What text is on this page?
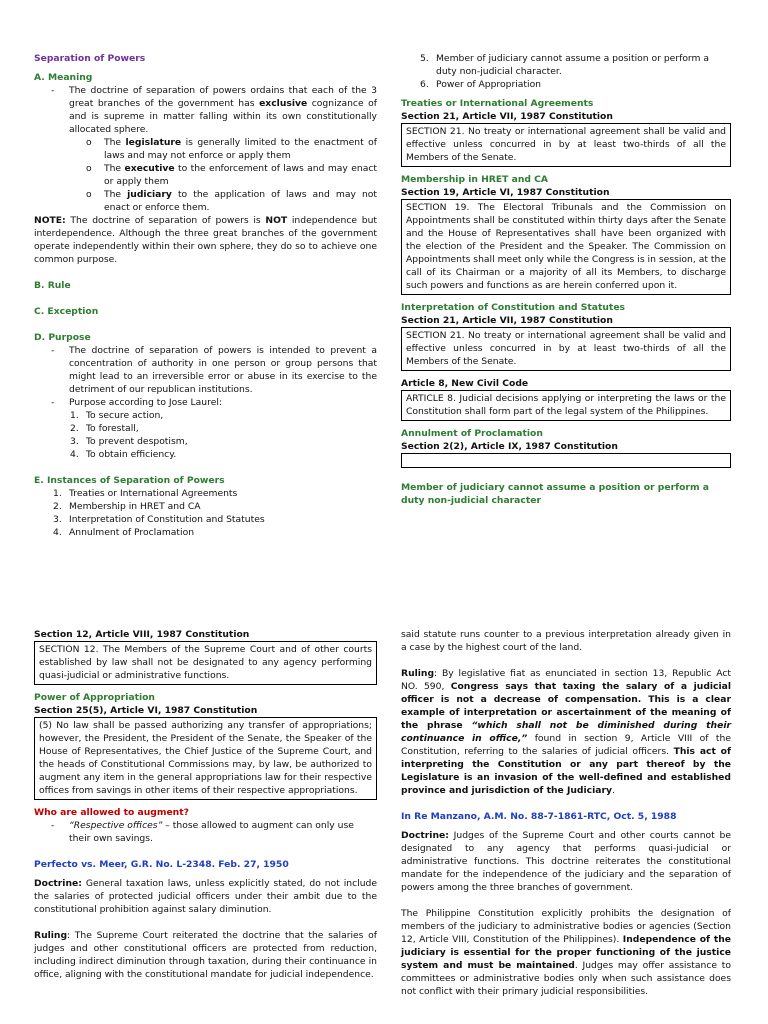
Separation of Powers

A. Meaning

- The doctrine of separation of powers ordains that each of the 3 great branches of the government has exclusive cognizance of and is supreme in matter falling within its own constitutionally allocated sphere.
o The legislature is generally limited to the enactment of laws and may not enforce or apply them
o The executive to the enforcement of laws and may enact or apply them
o The judiciary to the application of laws and may not enact or enforce them.

NOTE: The doctrine of separation of powers is NOT independence but interdependence. Although the three great branches of the government operate independently within their own sphere, they do so to achieve one common purpose.

B. Rule

C. Exception

D. Purpose

- The doctrine of separation of powers is intended to prevent a concentration of authority in one person or group persons that might lead to an irreversible error or abuse in its exercise to the detriment of our republican institutions.
- Purpose according to Jose Laurel:
1. To secure action,
2. To forestall,
3. To prevent despotism,
4. To obtain efficiency.

E. Instances of Separation of Powers

1. Treaties or International Agreements
2. Membership in HRET and CA
3. Interpretation of Constitution and Statutes
4. Annulment of Proclamation
5. Member of judiciary cannot assume a position or perform a duty non-judicial character.
6. Power of Appropriation

Treaties or International Agreements

Section 21, Article VII, 1987 Constitution

SECTION 21. No treaty or international agreement shall be valid and effective unless concurred in by at least two-thirds of all the Members of the Senate.

Membership in HRET and CA

Section 19, Article VI, 1987 Constitution

SECTION 19. The Electoral Tribunals and the Commission on Appointments shall be constituted within thirty days after the Senate and the House of Representatives shall have been organized with the election of the President and the Speaker. The Commission on Appointments shall meet only while the Congress is in session, at the call of its Chairman or a majority of all its Members, to discharge such powers and functions as are herein conferred upon it.

Interpretation of Constitution and Statutes

Section 21, Article VII, 1987 Constitution

SECTION 21. No treaty or international agreement shall be valid and effective unless concurred in by at least two-thirds of all the Members of the Senate.

Article 8, New Civil Code

ARTICLE 8. Judicial decisions applying or interpreting the laws or the Constitution shall form part of the legal system of the Philippines.

Annulment of Proclamation

Section 2(2), Article IX, 1987 Constitution

Member of judiciary cannot assume a position or perform a duty non-judicial character

Section 12, Article VIII, 1987 Constitution

SECTION 12. The Members of the Supreme Court and of other courts established by law shall not be designated to any agency performing quasi-judicial or administrative functions.

Power of Appropriation

Section 25(5), Article VI, 1987 Constitution

(5) No law shall be passed authorizing any transfer of appropriations; however, the President, the President of the Senate, the Speaker of the House of Representatives, the Chief Justice of the Supreme Court, and the heads of Constitutional Commissions may, by law, be authorized to augment any item in the general appropriations law for their respective offices from savings in other items of their respective appropriations.

Who are allowed to augment?

- “Respective offices” – those allowed to augment can only use their own savings.

Perfecto vs. Meer, G.R. No. L-2348. Feb. 27, 1950

Doctrine: General taxation laws, unless explicitly stated, do not include the salaries of protected judicial officers under their ambit due to the constitutional prohibition against salary diminution.

Ruling: The Supreme Court reiterated the doctrine that the salaries of judges and other constitutional officers are protected from reduction, including indirect diminution through taxation, during their continuance in office, aligning with the constitutional mandate for judicial independence.

said statute runs counter to a previous interpretation already given in a case by the highest court of the land.

Ruling: By legislative fiat as enunciated in section 13, Republic Act NO. 590, Congress says that taxing the salary of a judicial officer is not a decrease of compensation. This is a clear example of interpretation or ascertainment of the meaning of the phrase “which shall not be diminished during their continuance in office,” found in section 9, Article VIII of the Constitution, referring to the salaries of judicial officers. This act of interpreting the Constitution or any part thereof by the Legislature is an invasion of the well-defined and established province and jurisdiction of the Judiciary.

In Re Manzano, A.M. No. 88-7-1861-RTC, Oct. 5, 1988

Doctrine: Judges of the Supreme Court and other courts cannot be designated to any agency that performs quasi-judicial or administrative functions. This doctrine reiterates the constitutional mandate for the independence of the judiciary and the separation of powers among the three branches of government.

The Philippine Constitution explicitly prohibits the designation of members of the judiciary to administrative bodies or agencies (Section 12, Article VIII, Constitution of the Philippines). Independence of the judiciary is essential for the proper functioning of the justice system and must be maintained. Judges may offer assistance to committees or administrative bodies only when such assistance does not conflict with their primary judicial responsibilities.
